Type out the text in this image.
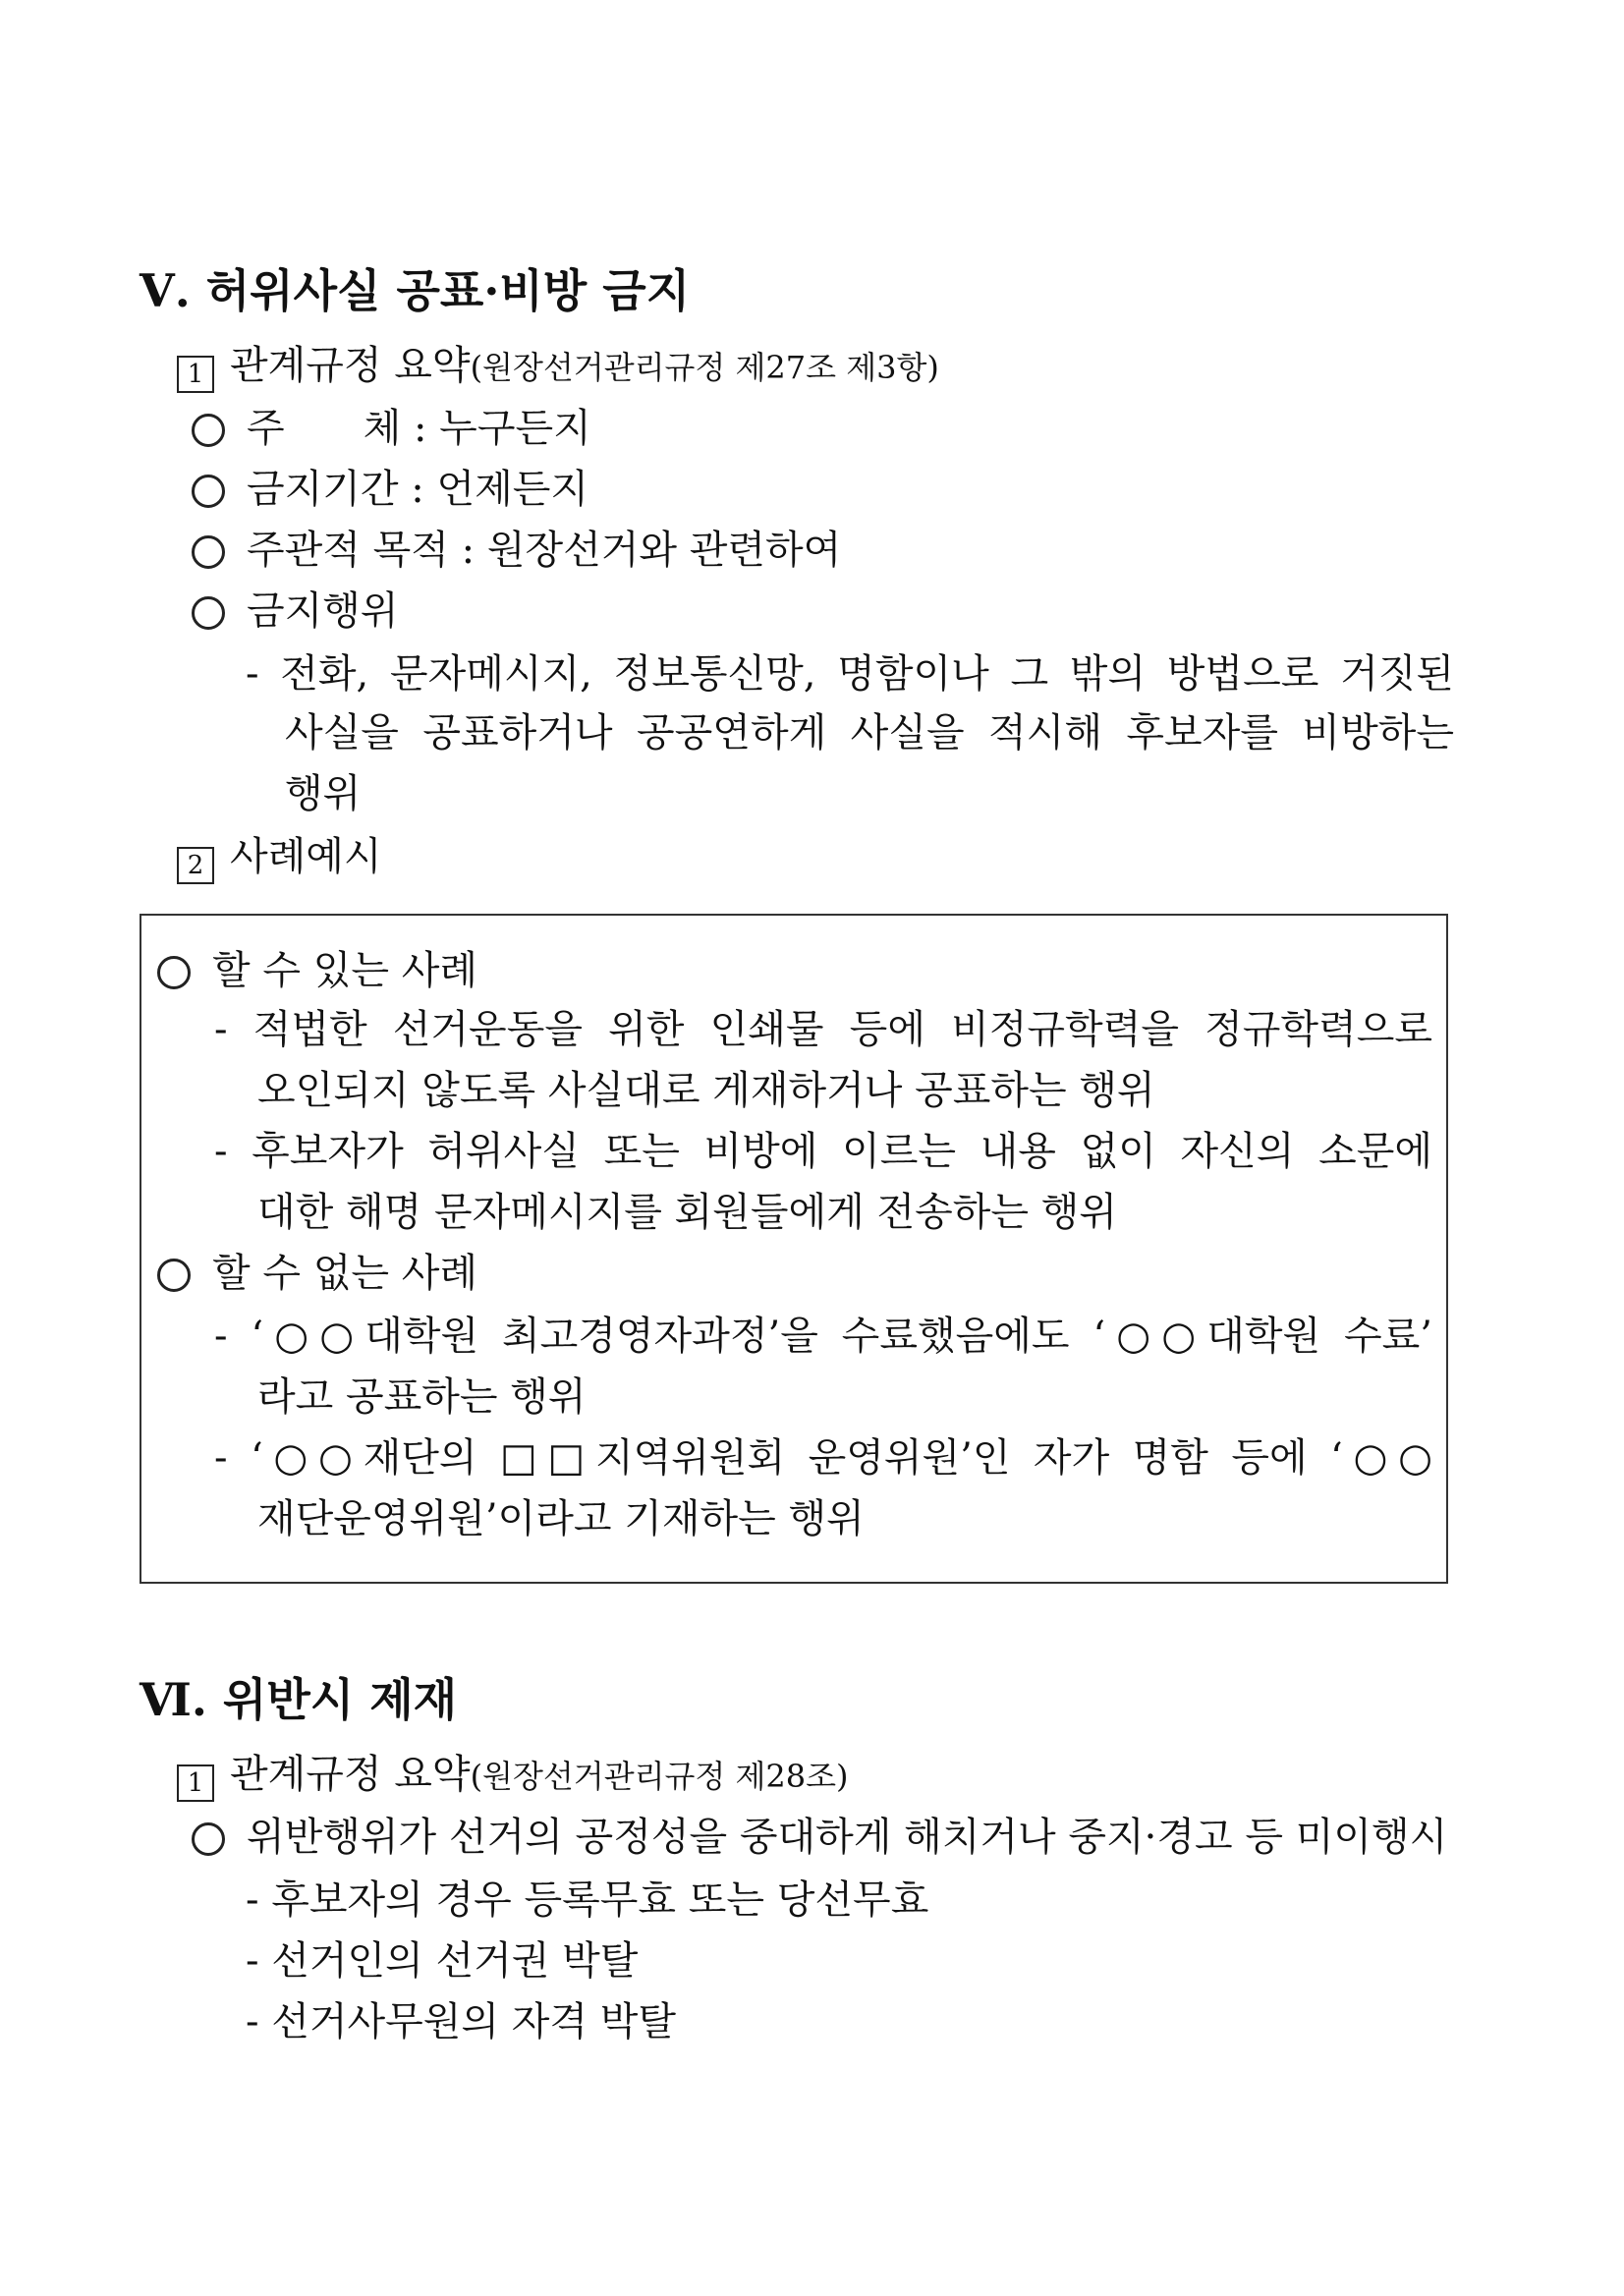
Ⅴ. 허위사실 공표·비방 금지
1 관계규정 요약(원장선거관리규정 제27조 제3항)
주　　체 : 누구든지
금지기간 : 언제든지
주관적 목적 : 원장선거와 관련하여
금지행위
- 전화, 문자메시지, 정보통신망, 명함이나 그 밖의 방법으로 거짓된
사실을 공표하거나 공공연하게 사실을 적시해 후보자를 비방하는
행위
2 사례예시
할 수 있는 사례
- 적법한 선거운동을 위한 인쇄물 등에 비정규학력을 정규학력으로
오인되지 않도록 사실대로 게재하거나 공표하는 행위
- 후보자가 허위사실 또는 비방에 이르는 내용 없이 자신의 소문에
대한 해명 문자메시지를 회원들에게 전송하는 행위
할 수 없는 사례
- ‘○○대학원 최고경영자과정’을 수료했음에도 ‘○○대학원 수료’
라고 공표하는 행위
- ‘○○재단의 □□지역위원회 운영위원’인 자가 명함 등에 ‘○○
재단운영위원’이라고 기재하는 행위
Ⅵ. 위반시 제재
1 관계규정 요약(원장선거관리규정 제28조)
위반행위가 선거의 공정성을 중대하게 해치거나 중지·경고 등 미이행시
- 후보자의 경우 등록무효 또는 당선무효
- 선거인의 선거권 박탈
- 선거사무원의 자격 박탈
